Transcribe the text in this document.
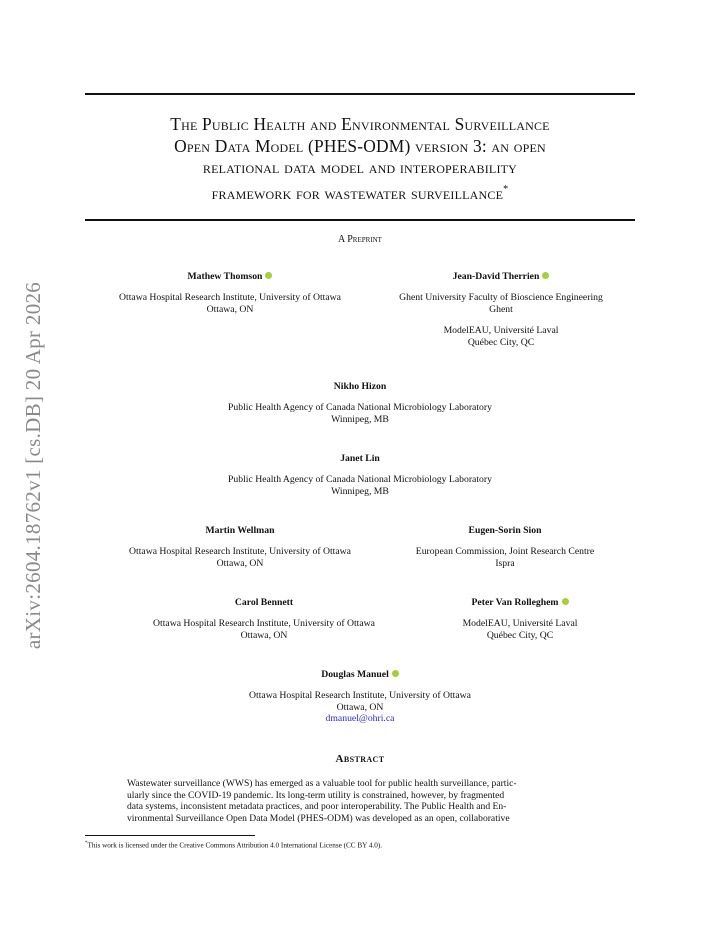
arXiv:2604.18762v1 [cs.DB] 20 Apr 2026
The Public Health and Environmental Surveillance
Open Data Model (PHES-ODM) version 3: an open
relational data model and interoperability
framework for wastewater surveillance*
A Preprint
Mathew Thomson
Ottawa Hospital Research Institute, University of Ottawa
Ottawa, ON
Jean-David Therrien
Ghent University Faculty of Bioscience Engineering
Ghent
ModelEAU, Université Laval
Québec City, QC
Nikho Hizon
Public Health Agency of Canada National Microbiology Laboratory
Winnipeg, MB
Janet Lin
Public Health Agency of Canada National Microbiology Laboratory
Winnipeg, MB
Martin Wellman
Ottawa Hospital Research Institute, University of Ottawa
Ottawa, ON
Eugen-Sorin Sion
European Commission, Joint Research Centre
Ispra
Carol Bennett
Ottawa Hospital Research Institute, University of Ottawa
Ottawa, ON
Peter Van Rolleghem
ModelEAU, Université Laval
Québec City, QC
Douglas Manuel
Ottawa Hospital Research Institute, University of Ottawa
Ottawa, ON
dmanuel@ohri.ca
Abstract
Wastewater surveillance (WWS) has emerged as a valuable tool for public health surveillance, partic-
ularly since the COVID-19 pandemic. Its long-term utility is constrained, however, by fragmented
data systems, inconsistent metadata practices, and poor interoperability. The Public Health and En-
vironmental Surveillance Open Data Model (PHES-ODM) was developed as an open, collaborative
*This work is licensed under the Creative Commons Attribution 4.0 International License (CC BY 4.0).
